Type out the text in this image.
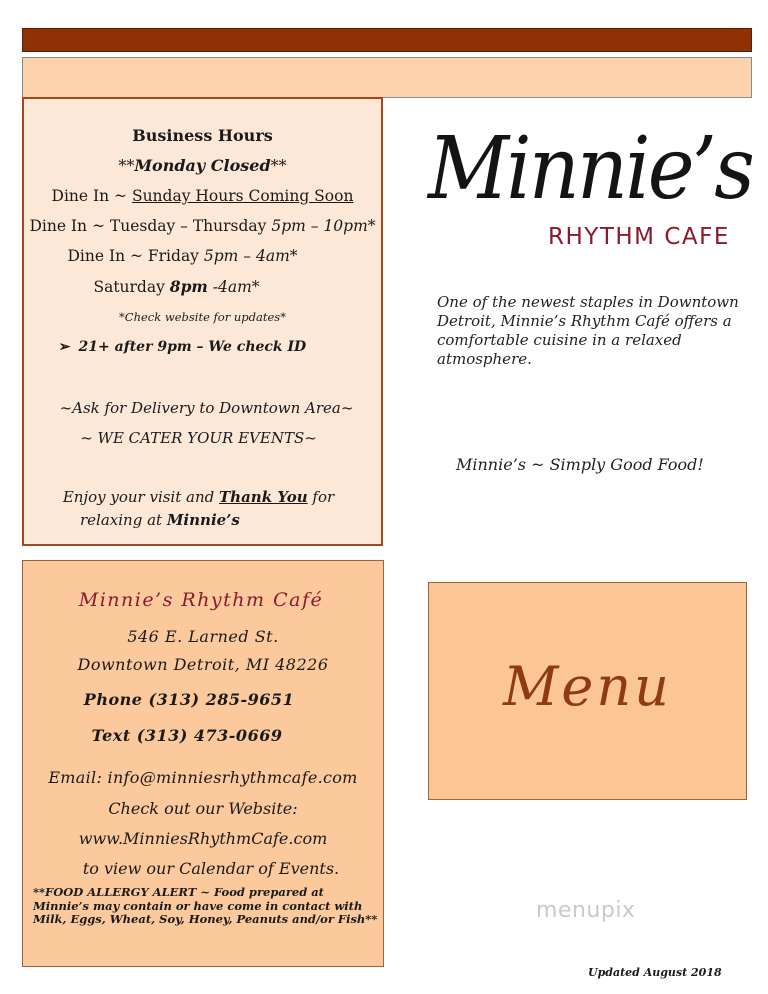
Business Hours
**Monday Closed**
Dine In ~ Sunday Hours Coming Soon
Dine In ~ Tuesday – Thursday 5pm – 10pm*
Dine In ~ Friday 5pm – 4am*
Saturday 8pm -4am*
*Check website for updates*
➢ 21+ after 9pm – We check ID
~Ask for Delivery to Downtown Area~
~ WE CATER YOUR EVENTS~
Enjoy your visit and Thank You for
relaxing at Minnie’s
Minnie’s
RHYTHM CAFE
One of the newest staples in Downtown Detroit, Minnie’s Rhythm Café offers a comfortable cuisine in a relaxed atmosphere.
Minnie’s ~ Simply Good Food!
Minnie’s Rhythm Café
546 E. Larned St.
Downtown Detroit, MI 48226
Phone (313) 285-9651
Text (313) 473-0669
Email: info@minniesrhythmcafe.com
Check out our Website:
www.MinniesRhythmCafe.com
to view our Calendar of Events.
**FOOD ALLERGY ALERT ~ Food prepared at Minnie’s may contain or have come in contact with Milk, Eggs, Wheat, Soy, Honey, Peanuts and/or Fish**
Menu
menupix
Updated August 2018
